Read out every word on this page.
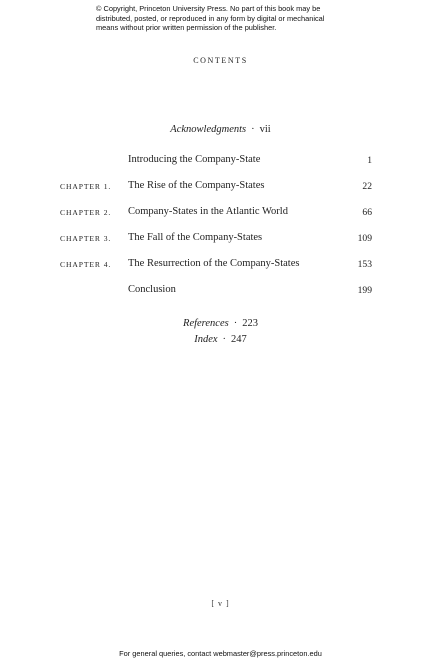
© Copyright, Princeton University Press. No part of this book may be
distributed, posted, or reproduced in any form by digital or mechanical
means without prior written permission of the publisher.
CONTENTS
Acknowledgments · vii
Introducing the Company-State	1
CHAPTER 1. The Rise of the Company-States	22
CHAPTER 2. Company-States in the Atlantic World	66
CHAPTER 3. The Fall of the Company-States	109
CHAPTER 4. The Resurrection of the Company-States	153
Conclusion	199
References · 223
Index · 247
[ v ]
For general queries, contact webmaster@press.princeton.edu
